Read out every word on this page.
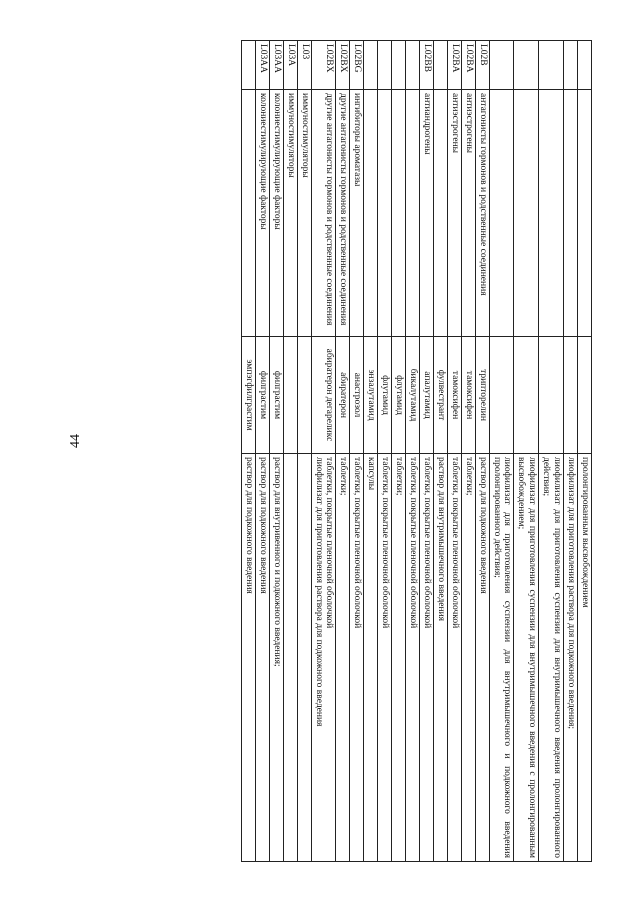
44

			пролонгированным высвобождением

			лиофилизат для приготовления раствора для подкожного введения;

			лиофилизат для приготовления суспензии для внутримышечного введения пролонгированного действия;

			лиофилизат для приготовления суспензии для внутримышечного введения с пролонгированным высвобождением;

			лиофилизат для приготовления суспензии для внутримышечного и подкожного введения пролонгированного действия;

L02B	антагонисты гормонов и родственные соединения	трипторелин	раствор для подкожного введения

L02BA	антиэстрогены	тамоксифен	таблетки;

L02BA	антиэстрогены	тамоксифен	таблетки, покрытые пленочной оболочкой

		фулвестрант	раствор для внутримышечного введения

L02BB	антиандрогены	апалутамид	таблетки, покрытые пленочной оболочкой

		бикалутамид	таблетки, покрытые пленочной оболочкой

		флутамид	таблетки;

		флутамид	таблетки, покрытые пленочной оболочкой

		энзалутамид	капсулы

L02BG	ингибиторы ароматазы	анастрозол	таблетки, покрытые пленочной оболочкой

L02BX	другие антагонисты гормонов и родственные соединения	абиратерон	таблетки;

L02BX	другие антагонисты гормонов и родственные соединения	абиратерон дегареликс	таблетки, покрытые пленочной оболочкой
лиофилизат для приготовления раствора для подкожного введения

L03	иммуностимуляторы		

L03A	иммуностимуляторы		

L03AA	колониестимулирующие факторы	филграстим	раствор для внутривенного и подкожного введения;

L03AA	колониестимулирующие факторы	филграстим	раствор для подкожного введения

		эмпэгфилграстим	раствор для подкожного введения
